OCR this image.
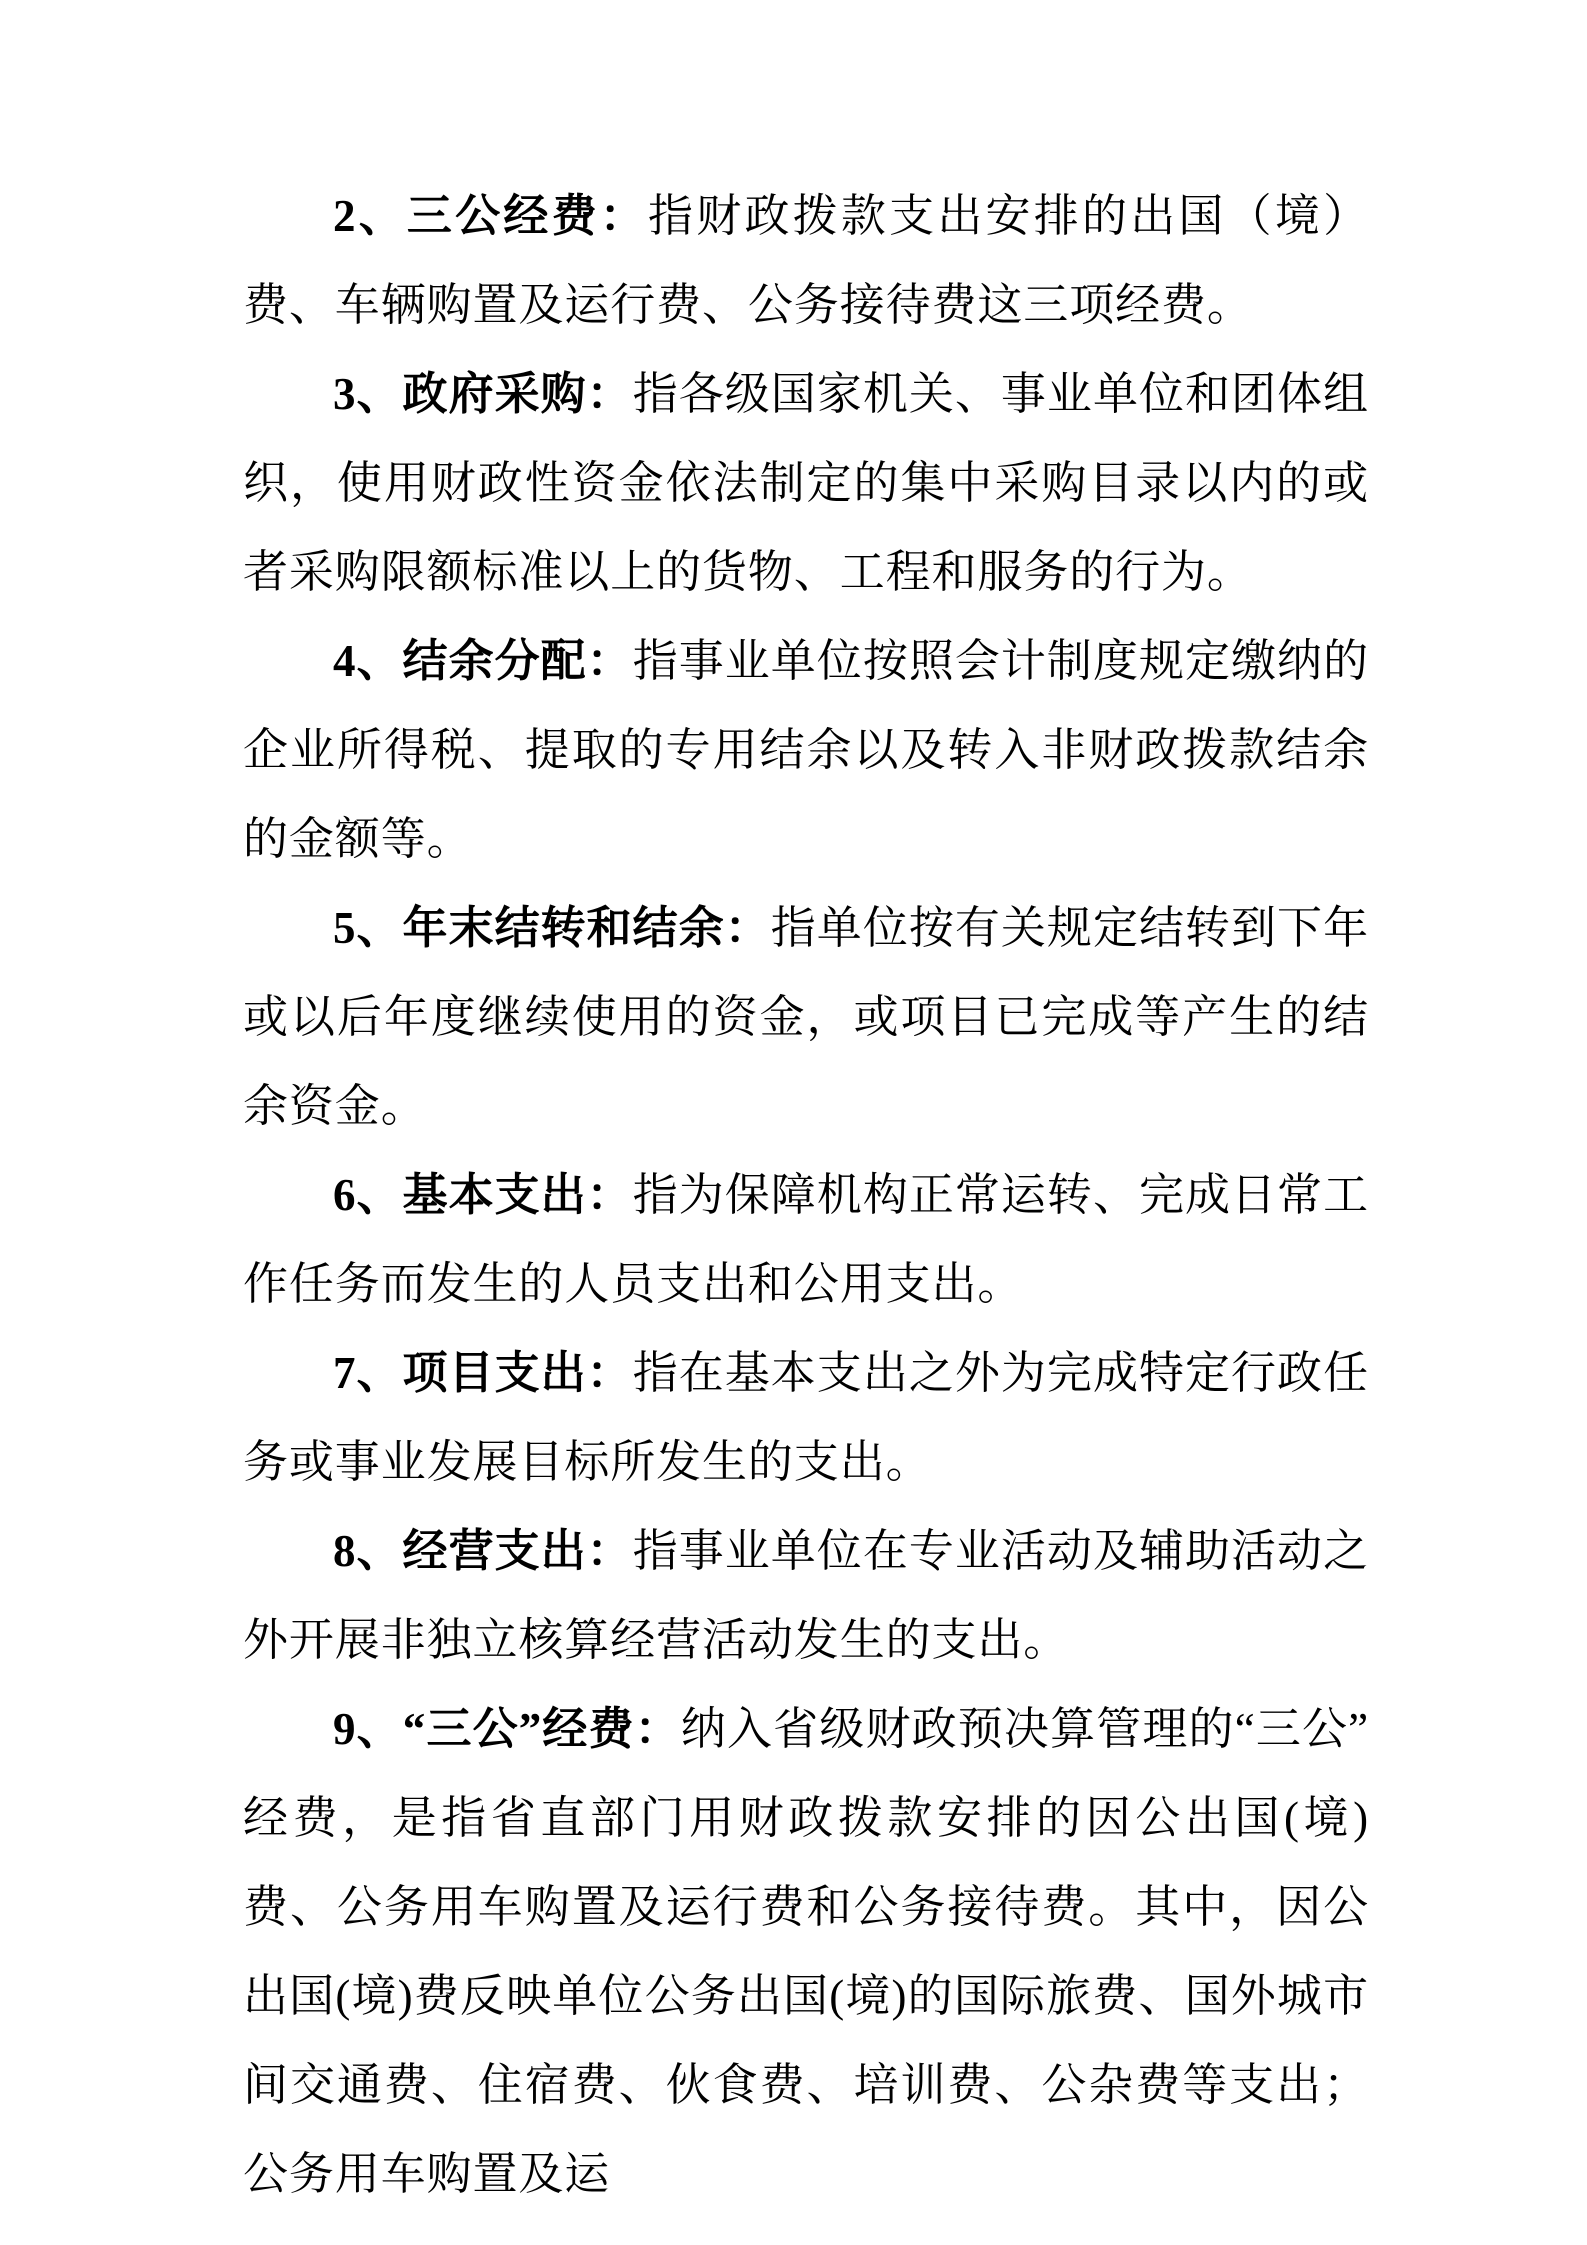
2、三公经费：指财政拨款支出安排的出国（境）费、车辆购置及运行费、公务接待费这三项经费。

3、政府采购：指各级国家机关、事业单位和团体组织，使用财政性资金依法制定的集中采购目录以内的或者采购限额标准以上的货物、工程和服务的行为。

4、结余分配：指事业单位按照会计制度规定缴纳的企业所得税、提取的专用结余以及转入非财政拨款结余的金额等。

5、年末结转和结余：指单位按有关规定结转到下年或以后年度继续使用的资金，或项目已完成等产生的结余资金。

6、基本支出：指为保障机构正常运转、完成日常工作任务而发生的人员支出和公用支出。

7、项目支出：指在基本支出之外为完成特定行政任务或事业发展目标所发生的支出。

8、经营支出：指事业单位在专业活动及辅助活动之外开展非独立核算经营活动发生的支出。

9、“三公”经费：纳入省级财政预决算管理的“三公”经费，是指省直部门用财政拨款安排的因公出国(境)费、公务用车购置及运行费和公务接待费。其中，因公出国(境)费反映单位公务出国(境)的国际旅费、国外城市间交通费、住宿费、伙食费、培训费、公杂费等支出；公务用车购置及运
